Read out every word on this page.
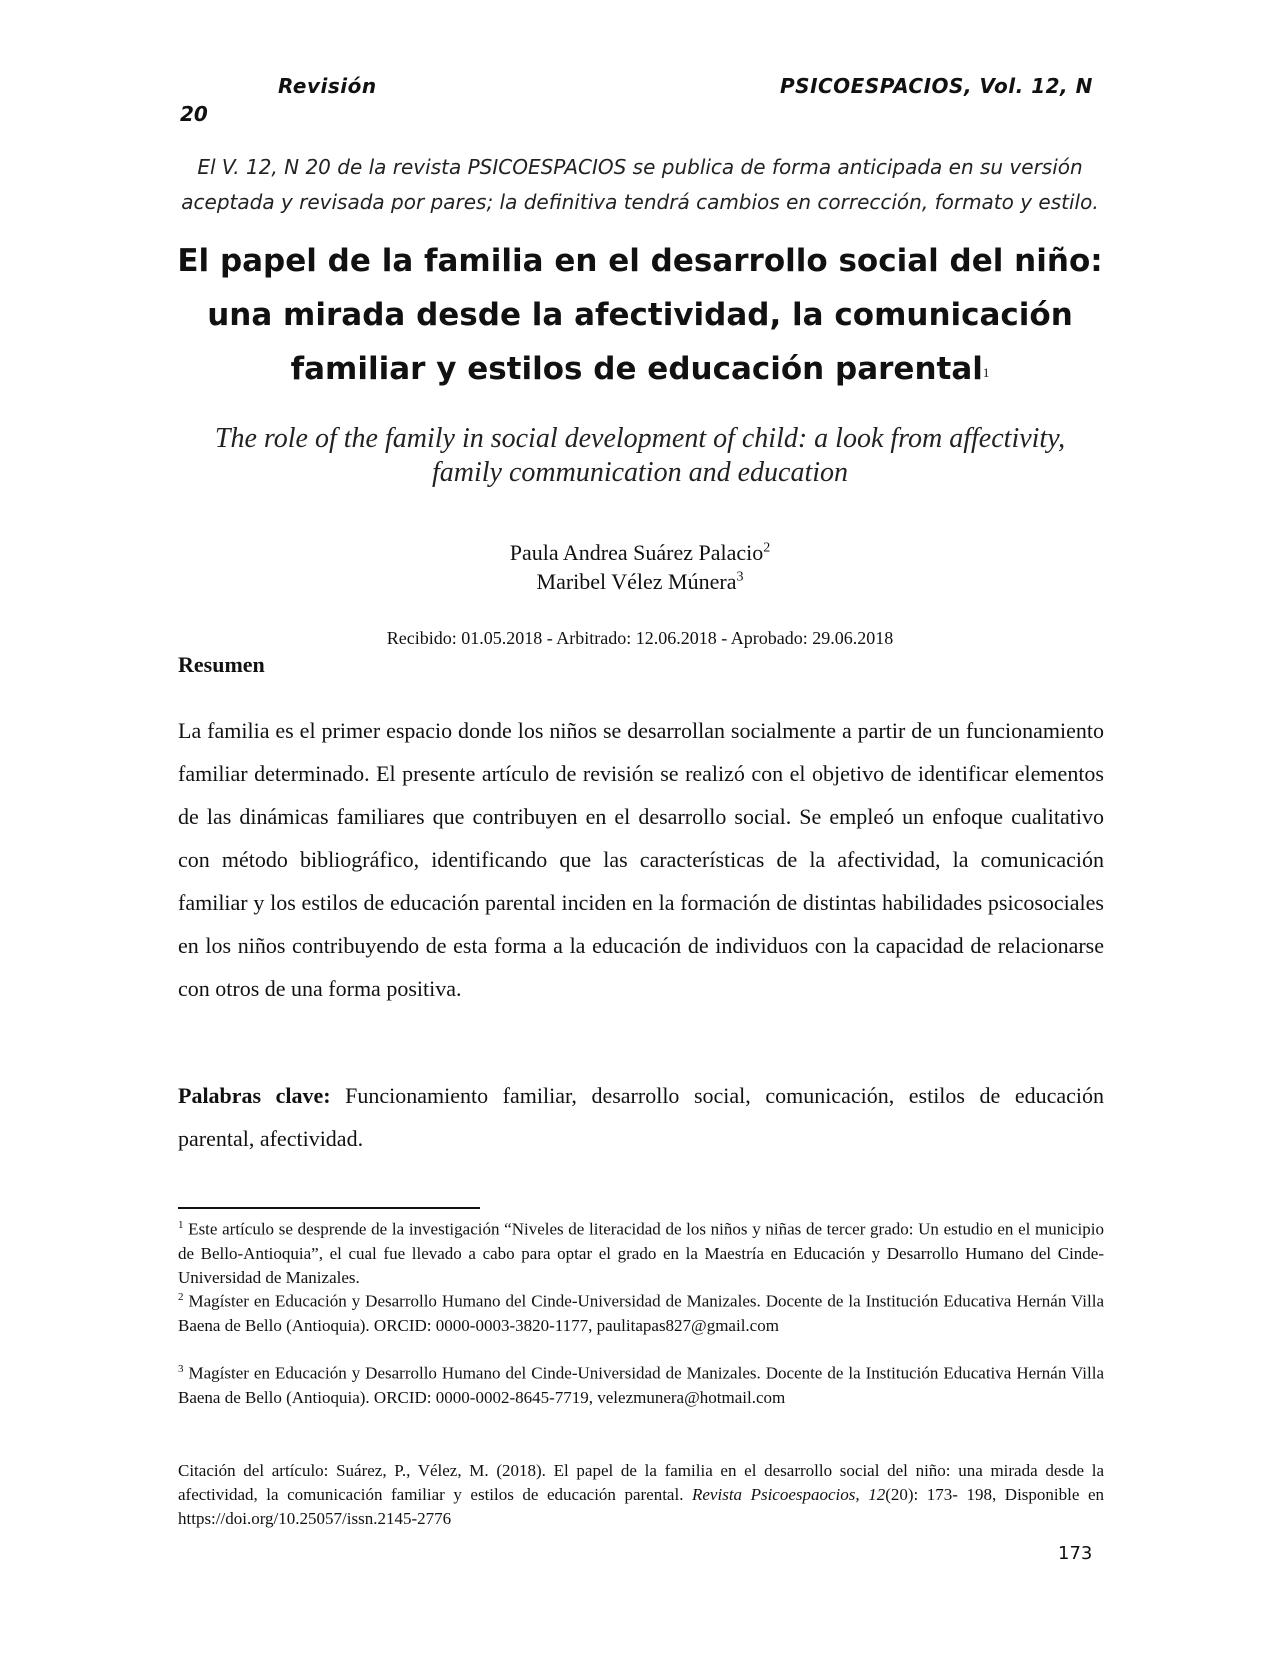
Revisión
20
PSICOESPACIOS, Vol. 12, N
El V. 12, N 20 de la revista PSICOESPACIOS se publica de forma anticipada en su versión
aceptada y revisada por pares; la definitiva tendrá cambios en corrección, formato y estilo.
El papel de la familia en el desarrollo social del niño:
una mirada desde la afectividad, la comunicación
familiar y estilos de educación parental$^1$
The role of the family in social development of child: a look from affectivity,
family communication and education
Paula Andrea Suárez Palacio$^2$
Maribel Vélez Múnera$^3$
Recibido: 01.05.2018 - Arbitrado: 12.06.2018 - Aprobado: 29.06.2018
Resumen
La familia es el primer espacio donde los niños se desarrollan socialmente a partir de un funcionamiento familiar determinado. El presente artículo de revisión se realizó con el objetivo de identificar elementos de las dinámicas familiares que contribuyen en el desarrollo social. Se empleó un enfoque cualitativo con método bibliográfico, identificando que las características de la afectividad, la comunicación familiar y los estilos de educación parental inciden en la formación de distintas habilidades psicosociales en los niños contribuyendo de esta forma a la educación de individuos con la capacidad de relacionarse con otros de una forma positiva.
Palabras clave: Funcionamiento familiar, desarrollo social, comunicación, estilos de educación parental, afectividad.
$^1$ Este artículo se desprende de la investigación “Niveles de literacidad de los niños y niñas de tercer grado: Un estudio en el municipio de Bello-Antioquia”, el cual fue llevado a cabo para optar el grado en la Maestría en Educación y Desarrollo Humano del Cinde-Universidad de Manizales.
$^2$ Magíster en Educación y Desarrollo Humano del Cinde-Universidad de Manizales. Docente de la Institución Educativa Hernán Villa Baena de Bello (Antioquia). ORCID: 0000-0003-3820-1177, paulitapas827@gmail.com
$^3$ Magíster en Educación y Desarrollo Humano del Cinde-Universidad de Manizales. Docente de la Institución Educativa Hernán Villa Baena de Bello (Antioquia). ORCID: 0000-0002-8645-7719, velezmunera@hotmail.com
Citación del artículo: Suárez, P., Vélez, M. (2018). El papel de la familia en el desarrollo social del niño: una mirada desde la afectividad, la comunicación familiar y estilos de educación parental. Revista Psicoespaocios, 12(20): 173- 198, Disponible en https://doi.org/10.25057/issn.2145-2776
173
